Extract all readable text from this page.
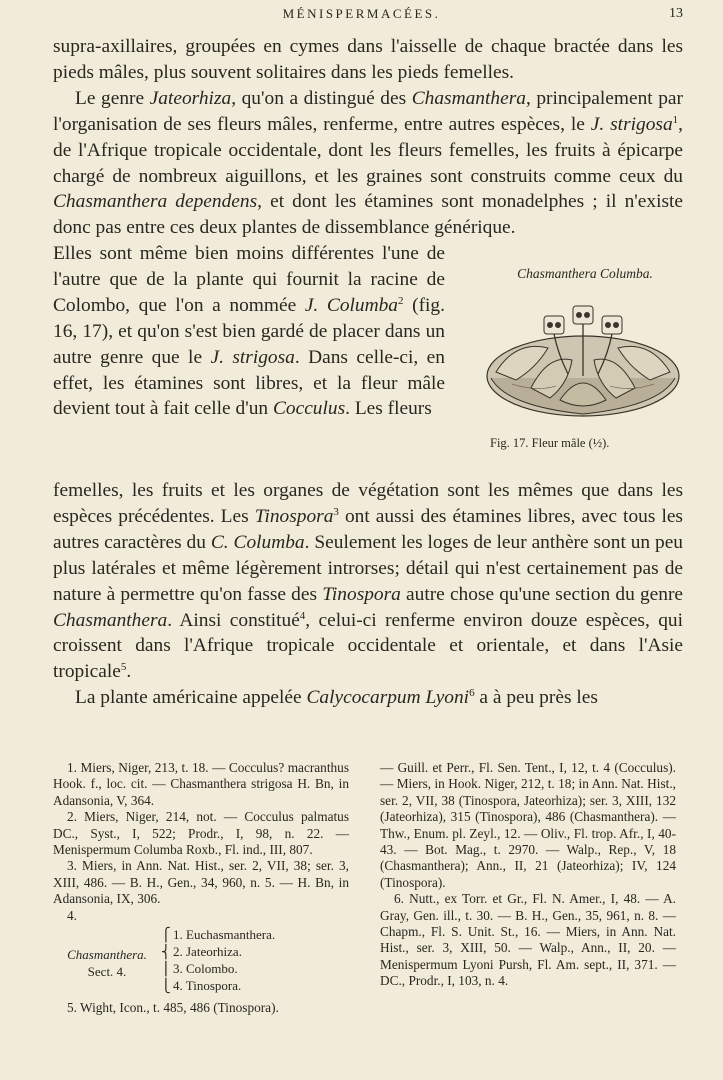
MÉNISPERMACÉES.	13

supra-axillaires, groupées en cymes dans l'aisselle de chaque bractée dans les pieds mâles, plus souvent solitaires dans les pieds femelles.

Le genre Jateorhiza, qu'on a distingué des Chasmanthera, principalement par l'organisation de ses fleurs mâles, renferme, entre autres espèces, le J. strigosa$^1$, de l'Afrique tropicale occidentale, dont les fleurs femelles, les fruits à épicarpe chargé de nombreux aiguillons, et les graines sont construits comme ceux du Chasmanthera dependens, et dont les étamines sont monadelphes ; il n'existe donc pas entre ces deux plantes de dissemblance générique.

Elles sont même bien moins différentes l'une de l'autre que de la plante qui fournit la racine de Colombo, que l'on a nommée J. Columba$^2$ (fig. 16, 17), et qu'on s'est bien gardé de placer dans un autre genre que le J. strigosa. Dans celle-ci, en effet, les étamines sont libres, et la fleur mâle devient tout à fait celle d'un Cocculus. Les fleurs

Chasmanthera Columba.
Fig. 17. Fleur mâle (½).

femelles, les fruits et les organes de végétation sont les mêmes que dans les espèces précédentes. Les Tinospora$^3$ ont aussi des étamines libres, avec tous les autres caractères du C. Columba. Seulement les loges de leur anthère sont un peu plus latérales et même légèrement introrses; détail qui n'est certainement pas de nature à permettre qu'on fasse des Tinospora autre chose qu'une section du genre Chasmanthera. Ainsi constitué$^4$, celui-ci renferme environ douze espèces, qui croissent dans l'Afrique tropicale occidentale et orientale, et dans l'Asie tropicale$^5$.

La plante américaine appelée Calycocarpum Lyoni$^6$ a à peu près les

1. Miers, Niger, 213, t. 18. — Cocculus? macranthus Hook. f., loc. cit. — Chasmanthera strigosa H. Bn, in Adansonia, V, 364.

2. Miers, Niger, 214, not. — Cocculus palmatus DC., Syst., I, 522; Prodr., I, 98, n. 22. — Menispermum Columba Roxb., Fl. ind., III, 807.

3. Miers, in Ann. Nat. Hist., ser. 2, VII, 38; ser. 3, XIII, 486. — B. H., Gen., 34, 960, n. 5. — H. Bn, in Adansonia, IX, 306.

4.

Chasmanthera.
Sect. 4.
⎧
⎨
⎪
⎩
1. Euchasmanthera.
2. Jateorhiza.
3. Colombo.
4. Tinospora.

5. Wight, Icon., t. 485, 486 (Tinospora).

— Guill. et Perr., Fl. Sen. Tent., I, 12, t. 4 (Cocculus). — Miers, in Hook. Niger, 212, t. 18; in Ann. Nat. Hist., ser. 2, VII, 38 (Tinospora, Jateorhiza); ser. 3, XIII, 132 (Jateorhiza), 315 (Tinospora), 486 (Chasmanthera). — Thw., Enum. pl. Zeyl., 12. — Oliv., Fl. trop. Afr., I, 40-43. — Bot. Mag., t. 2970. — Walp., Rep., V, 18 (Chasmanthera); Ann., II, 21 (Jateorhiza); IV, 124 (Tinospora).

6. Nutt., ex Torr. et Gr., Fl. N. Amer., I, 48. — A. Gray, Gen. ill., t. 30. — B. H., Gen., 35, 961, n. 8. — Chapm., Fl. S. Unit. St., 16. — Miers, in Ann. Nat. Hist., ser. 3, XIII, 50. — Walp., Ann., II, 20. — Menispermum Lyoni Pursh, Fl. Am. sept., II, 371. — DC., Prodr., I, 103, n. 4.
